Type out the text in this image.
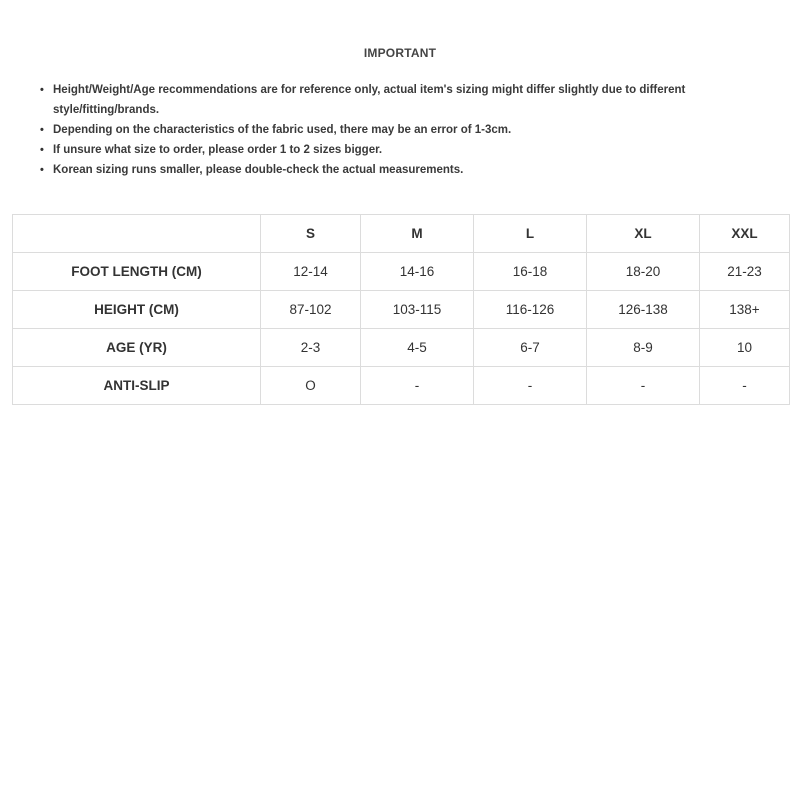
IMPORTANT
• Height/Weight/Age recommendations are for reference only, actual item's sizing might differ slightly due to different style/fitting/brands.
• Depending on the characteristics of the fabric used, there may be an error of 1-3cm.
• If unsure what size to order, please order 1 to 2 sizes bigger.
• Korean sizing runs smaller, please double-check the actual measurements.
	S	M	L	XL	XXL
FOOT LENGTH (CM)	12-14	14-16	16-18	18-20	21-23
HEIGHT (CM)	87-102	103-115	116-126	126-138	138+
AGE (YR)	2-3	4-5	6-7	8-9	10
ANTI-SLIP	O	-	-	-	-
